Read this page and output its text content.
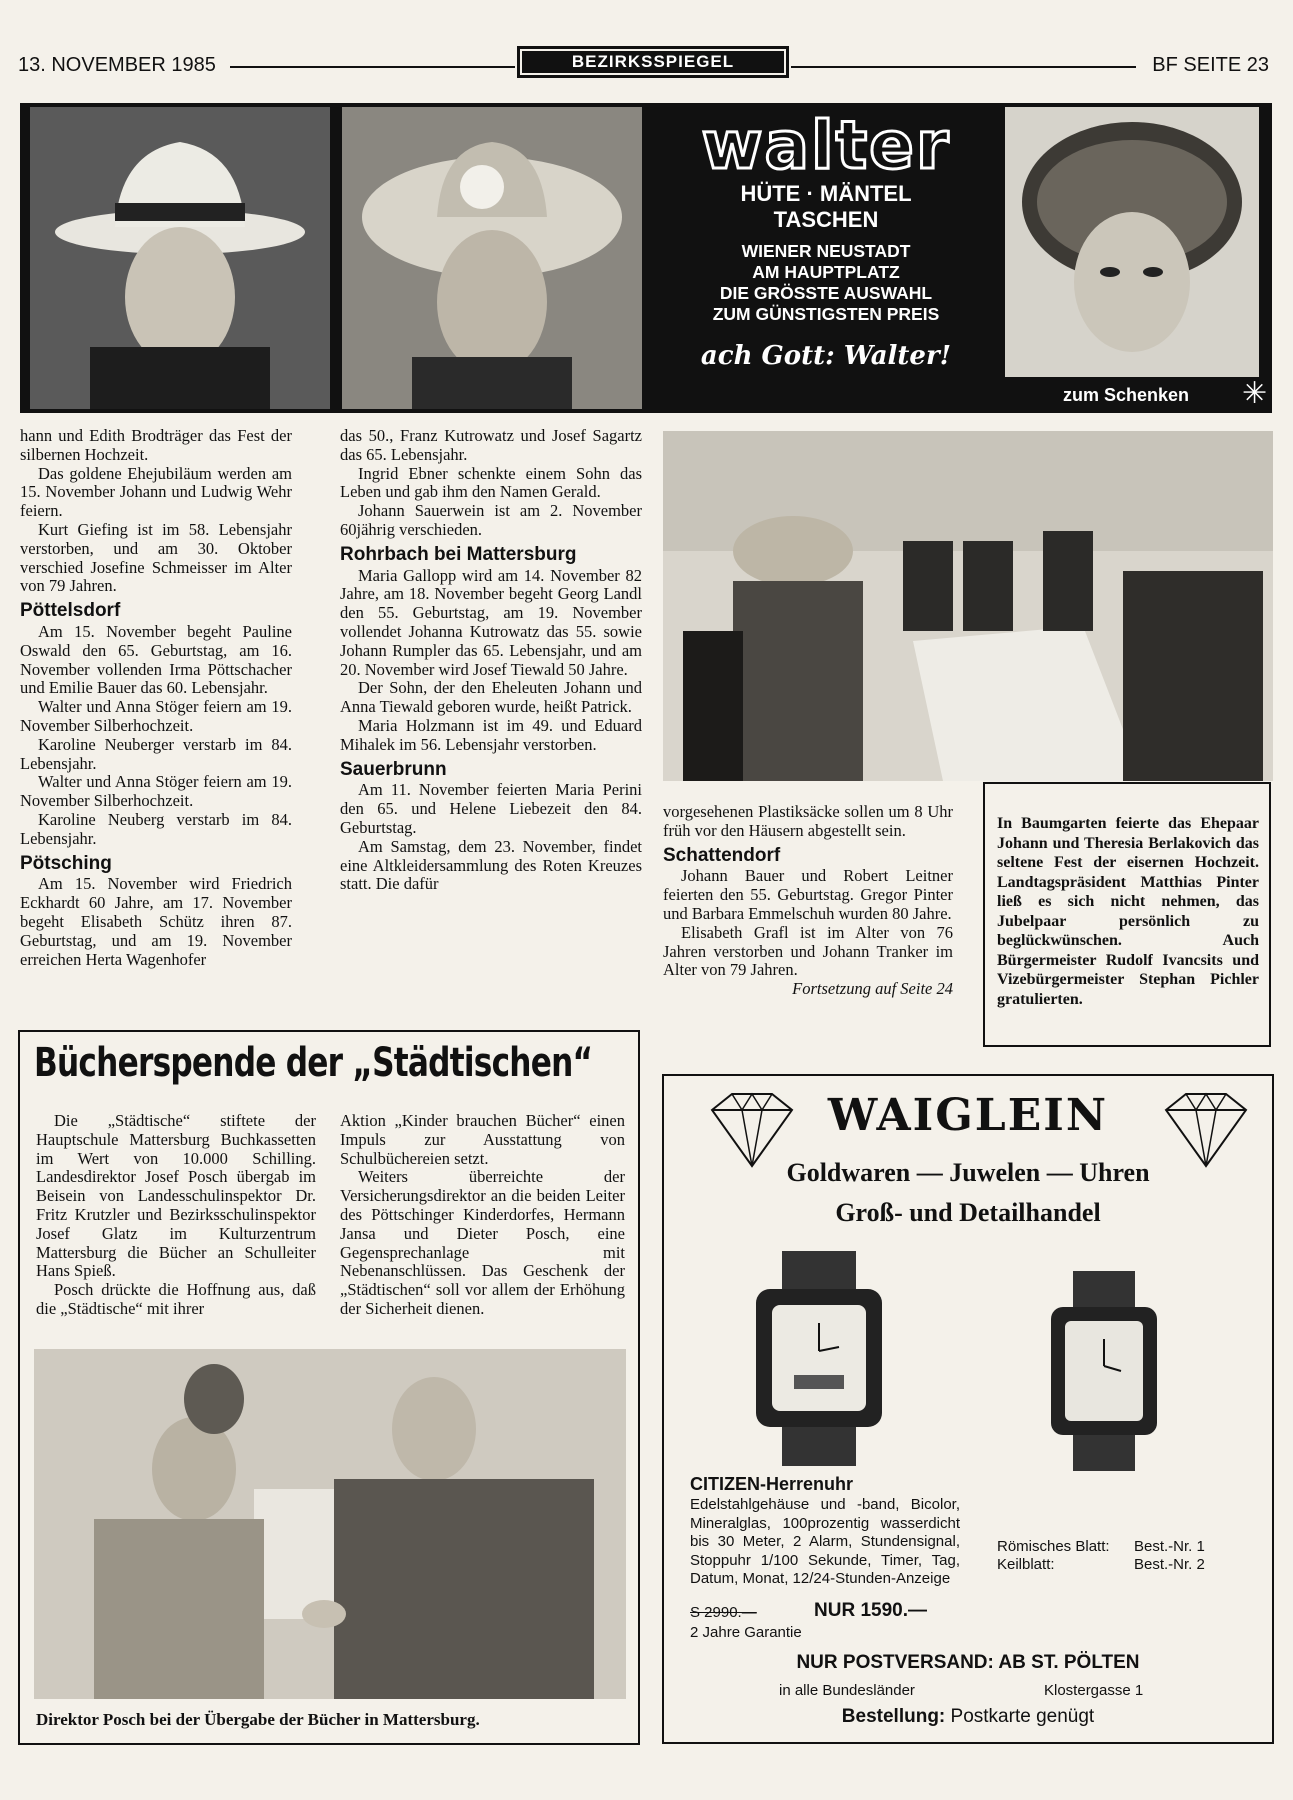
13. NOVEMBER 1985	BEZIRKSSPIEGEL	BF SEITE 23
walter
HÜTE · MÄNTEL
TASCHEN
WIENER NEUSTADT
AM HAUPTPLATZ
DIE GRÖSSTE AUSWAHL
ZUM GÜNSTIGSTEN PREIS
ach Gott: Walter!
zum Schenken ✳

hann und Edith Brodträger das Fest der silbernen Hochzeit.

Das goldene Ehejubiläum werden am 15. November Johann und Ludwig Wehr feiern.

Kurt Giefing ist im 58. Lebensjahr verstorben, und am 30. Oktober verschied Josefine Schmeisser im Alter von 79 Jahren.

Pöttelsdorf

Am 15. November begeht Pauline Oswald den 65. Geburtstag, am 16. November vollenden Irma Pöttschacher und Emilie Bauer das 60. Lebensjahr.

Walter und Anna Stöger feiern am 19. November Silberhochzeit.

Karoline Neuberger verstarb im 84. Lebensjahr.

Walter und Anna Stöger feiern am 19. November Silberhochzeit.

Karoline Neuberg verstarb im 84. Lebensjahr.

Pötsching

Am 15. November wird Friedrich Eckhardt 60 Jahre, am 17. November begeht Elisabeth Schütz ihren 87. Geburtstag, und am 19. November erreichen Herta Wagenhofer

das 50., Franz Kutrowatz und Josef Sagartz das 65. Lebensjahr.

Ingrid Ebner schenkte einem Sohn das Leben und gab ihm den Namen Gerald.

Johann Sauerwein ist am 2. November 60jährig verschieden.

Rohrbach bei Mattersburg

Maria Gallopp wird am 14. November 82 Jahre, am 18. November begeht Georg Landl den 55. Geburtstag, am 19. November vollendet Johanna Kutrowatz das 55. sowie Johann Rumpler das 65. Lebensjahr, und am 20. November wird Josef Tiewald 50 Jahre.

Der Sohn, der den Eheleuten Johann und Anna Tiewald geboren wurde, heißt Patrick.

Maria Holzmann ist im 49. und Eduard Mihalek im 56. Lebensjahr verstorben.

Sauerbrunn

Am 11. November feierten Maria Perini den 65. und Helene Liebezeit den 84. Geburtstag.

Am Samstag, dem 23. November, findet eine Altkleidersammlung des Roten Kreuzes statt. Die dafür

vorgesehenen Plastiksäcke sollen um 8 Uhr früh vor den Häusern abgestellt sein.

Schattendorf

Johann Bauer und Robert Leitner feierten den 55. Geburtstag. Gregor Pinter und Barbara Emmelschuh wurden 80 Jahre.

Elisabeth Grafl ist im Alter von 76 Jahren verstorben und Johann Tranker im Alter von 79 Jahren.

Fortsetzung auf Seite 24

In Baumgarten feierte das Ehepaar Johann und Theresia Berlakovich das seltene Fest der eisernen Hochzeit. Landtagspräsident Matthias Pinter ließ es sich nicht nehmen, das Jubelpaar persönlich zu beglückwünschen. Auch Bürgermeister Rudolf Ivancsits und Vizebürgermeister Stephan Pichler gratulierten.
Bücherspende der „Städtischen“

Die „Städtische“ stiftete der Hauptschule Mattersburg Buchkassetten im Wert von 10.000 Schilling. Landesdirektor Josef Posch übergab im Beisein von Landesschulinspektor Dr. Fritz Krutzler und Bezirksschulinspektor Josef Glatz im Kulturzentrum Mattersburg die Bücher an Schulleiter Hans Spieß.

Posch drückte die Hoffnung aus, daß die „Städtische“ mit ihrer

Aktion „Kinder brauchen Bücher“ einen Impuls zur Ausstattung von Schulbüchereien setzt.

Weiters überreichte der Versicherungsdirektor an die beiden Leiter des Pöttschinger Kinderdorfes, Hermann Jansa und Dieter Posch, eine Gegensprechanlage mit Nebenanschlüssen. Das Geschenk der „Städtischen“ soll vor allem der Erhöhung der Sicherheit dienen.

Direktor Posch bei der Übergabe der Bücher in Mattersburg.
WAIGLEIN
Goldwaren — Juwelen — Uhren
Groß- und Detailhandel
CITIZEN-Herrenuhr
Edelstahlgehäuse und -band, Bicolor, Mineralglas, 100prozentig wasserdicht bis 30 Meter, 2 Alarm, Stundensignal, Stoppuhr 1/100 Sekunde, Timer, Tag, Datum, Monat, 12/24-Stunden-Anzeige
S 2990.—	NUR 1590.—
2 Jahre Garantie
Römisches Blatt: Best.-Nr. 1
Keilblatt:	Best.-Nr. 2
NUR POSTVERSAND: AB ST. PÖLTEN
in alle Bundesländer	Klostergasse 1
Bestellung: Postkarte genügt
